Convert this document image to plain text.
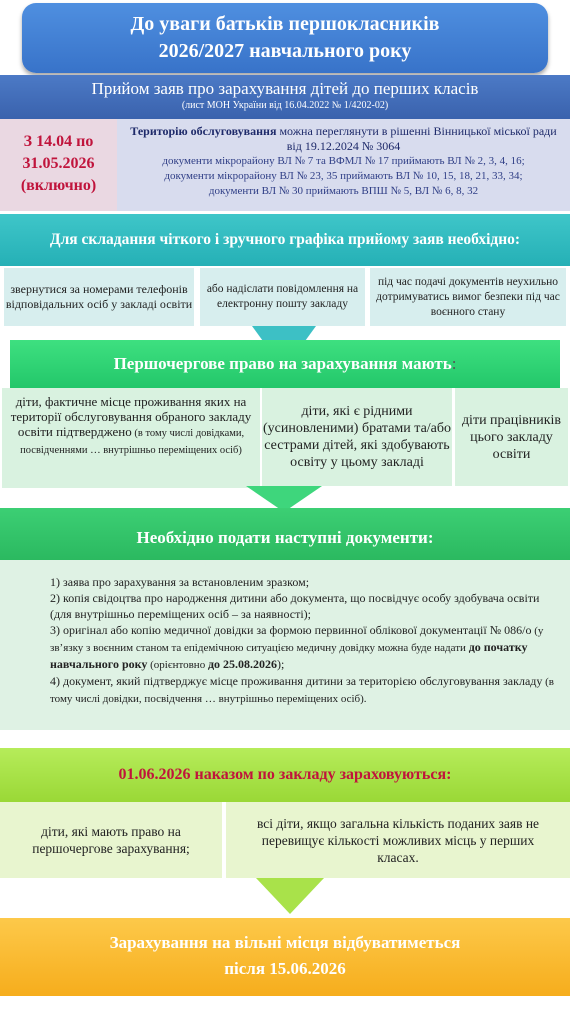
До уваги батьків першокласників
2026/2027 навчального року
Прийом заяв про зарахування дітей до перших класів
(лист МОН України від 16.04.2022 № 1/4202-02)
З 14.04 по
31.05.2026
(включно)
Територію обслуговування можна переглянути в рішенні Вінницької міської ради від 19.12.2024 № 3064
документи мікрорайону ВЛ № 7 та ВФМЛ № 17 приймають ВЛ № 2, 3, 4, 16;
документи мікрорайону ВЛ № 23, 35 приймають ВЛ № 10, 15, 18, 21, 33, 34;
документи ВЛ № 30 приймають ВПШ № 5, ВЛ № 6, 8, 32
Для складання чіткого і зручного графіка прийому заяв необхідно:
звернутися за номерами телефонів відповідальних осіб у закладі освіти
або надіслати повідомлення на електронну пошту закладу
під час подачі документів неухильно дотримуватись вимог безпеки під час воєнного стану
Першочергове право на зарахування мають:
діти, фактичне місце проживання яких на території обслуговування обраного закладу освіти підтверджено (в тому числі довідками, посвідченнями … внутрішньо переміщених осіб)
діти, які є рідними (усиновленими) братами та/або сестрами дітей, які здобувають освіту у цьому закладі
діти працівників цього закладу освіти
Необхідно подати наступні документи:

1) заява про зарахування за встановленим зразком;

2) копія свідоцтва про народження дитини або документа, що посвідчує особу здобувача освіти (для внутрішньо переміщених осіб – за наявності);

3) оригінал або копію медичної довідки за формою первинної облікової документації № 086/о (у зв’язку з воєнним станом та епідемічною ситуацією медичну довідку можна буде надати до початку навчального року (орієнтовно до 25.08.2026);

4) документ, який підтверджує місце проживання дитини за територією обслуговування закладу (в тому числі довідки, посвідчення … внутрішньо переміщених осіб).

01.06.2026 наказом по закладу зараховуються:
діти, які мають право на першочергове зарахування;
всі діти, якщо загальна кількість поданих заяв не перевищує кількості можливих місць у перших класах.
Зарахування на вільні місця відбуватиметься
після 15.06.2026
